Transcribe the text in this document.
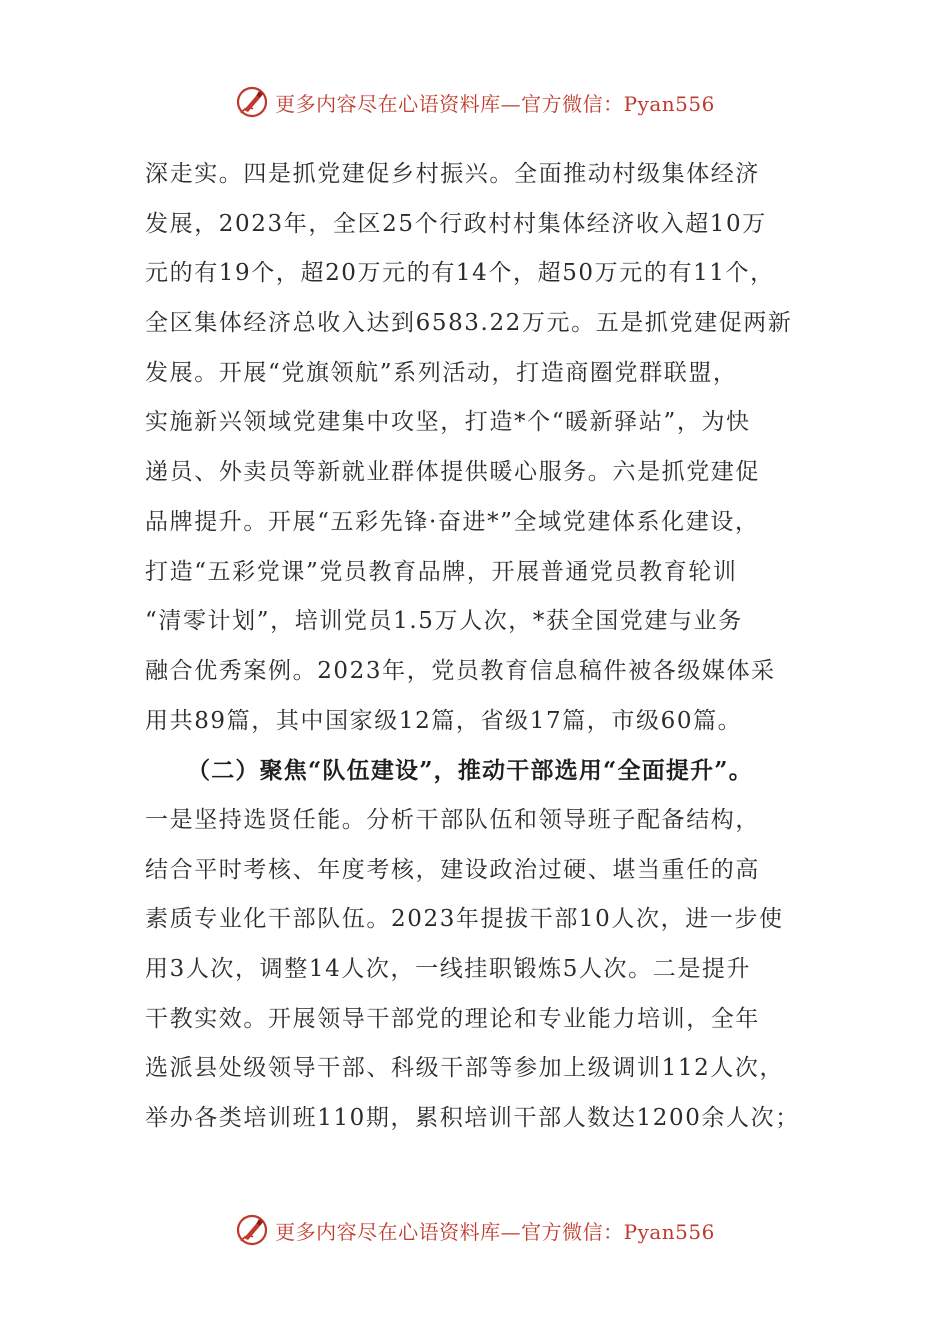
更多内容尽在心语资料库—官方微信：Pyan556
深走实。四是抓党建促乡村振兴。全面推动村级集体经济
发展，2023年，全区25个行政村村集体经济收入超10万
元的有19个，超20万元的有14个，超50万元的有11个，
全区集体经济总收入达到6583.22万元。五是抓党建促两新
发展。开展“党旗领航”系列活动，打造商圈党群联盟，
实施新兴领域党建集中攻坚，打造*个“暖新驿站”，为快
递员、外卖员等新就业群体提供暖心服务。六是抓党建促
品牌提升。开展“五彩先锋·奋进*”全域党建体系化建设，
打造“五彩党课”党员教育品牌，开展普通党员教育轮训
“清零计划”，培训党员1.5万人次，*获全国党建与业务
融合优秀案例。2023年，党员教育信息稿件被各级媒体采
用共89篇，其中国家级12篇，省级17篇，市级60篇。
（二）聚焦“队伍建设”，推动干部选用“全面提升”。
一是坚持选贤任能。分析干部队伍和领导班子配备结构，
结合平时考核、年度考核，建设政治过硬、堪当重任的高
素质专业化干部队伍。2023年提拔干部10人次，进一步使
用3人次，调整14人次，一线挂职锻炼5人次。二是提升
干教实效。开展领导干部党的理论和专业能力培训，全年
选派县处级领导干部、科级干部等参加上级调训112人次，
举办各类培训班110期，累积培训干部人数达1200余人次；
更多内容尽在心语资料库—官方微信：Pyan556
